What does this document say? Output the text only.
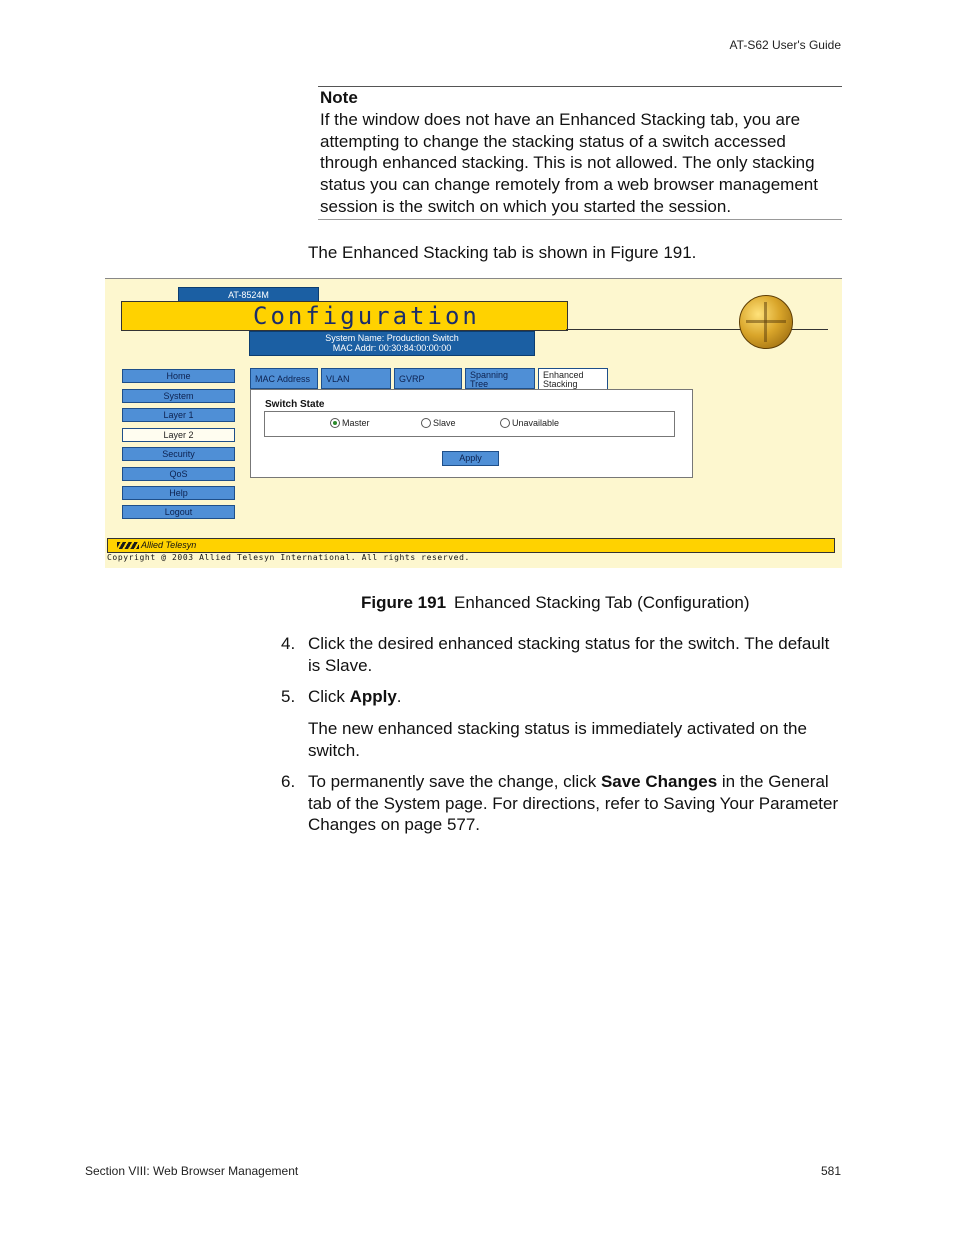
AT-S62 User's Guide
Note
If the window does not have an Enhanced Stacking tab, you are attempting to change the stacking status of a switch accessed through enhanced stacking. This is not allowed. The only stacking status you can change remotely from a web browser management session is the switch on which you started the session.
The Enhanced Stacking tab is shown in Figure 191.
AT-8524M
Configuration
System Name: Production Switch
MAC Addr: 00:30:84:00:00:00
Home
System
Layer 1
Layer 2
Security
QoS
Help
Logout
MAC Address	VLAN	GVRP	Spanning
Tree
Enhanced
Stacking
Switch State
Master	Slave	Unavailable
Apply
Allied Telesyn
Copyright @ 2003 Allied Telesyn International. All rights reserved.
Figure 191 Enhanced Stacking Tab (Configuration)
4. Click the desired enhanced stacking status for the switch. The default is Slave.
5. Click Apply.
The new enhanced stacking status is immediately activated on the switch.
6. To permanently save the change, click Save Changes in the General tab of the System page. For directions, refer to Saving Your Parameter Changes on page 577.
Section VIII: Web Browser Management	581
